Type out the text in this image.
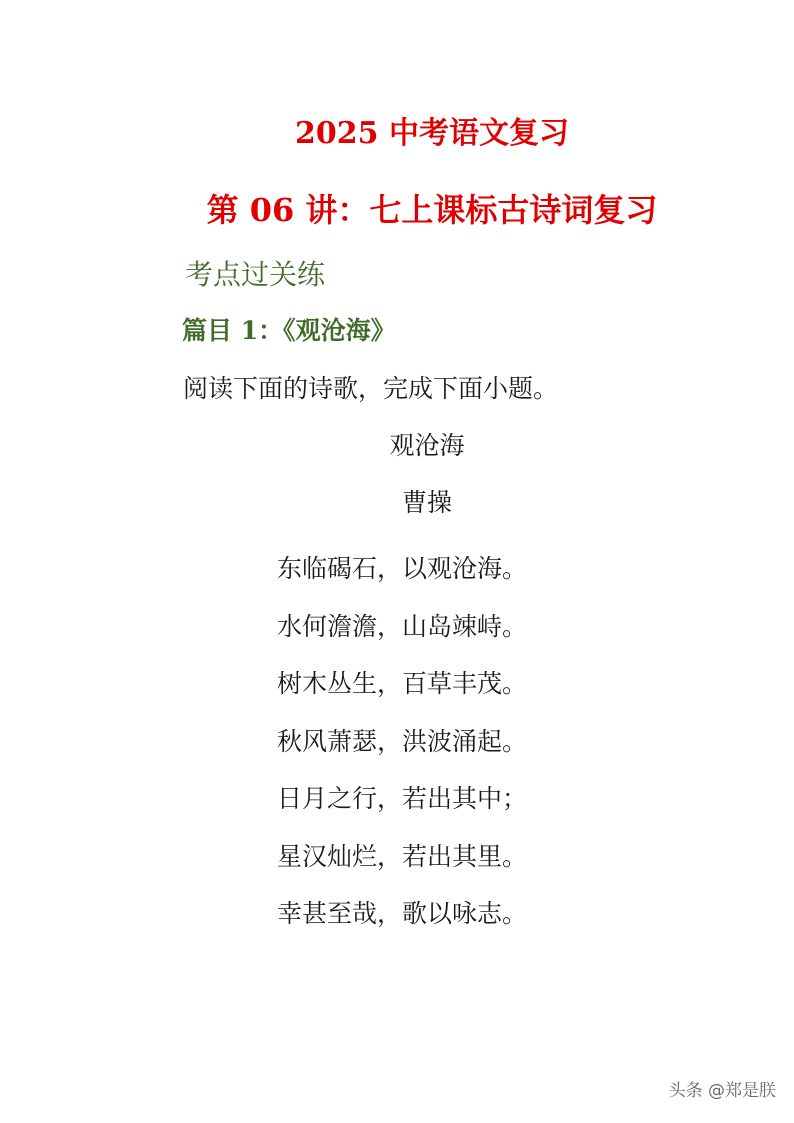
2025 中考语文复习
第 06 讲：七上课标古诗词复习
考点过关练
篇目 1：《观沧海》
阅读下面的诗歌，完成下面小题。
观沧海
曹操
东临碣石，以观沧海。
水何澹澹，山岛竦峙。
树木丛生，百草丰茂。
秋风萧瑟，洪波涌起。
日月之行，若出其中；
星汉灿烂，若出其里。
幸甚至哉，歌以咏志。
头条 @郑是朕
